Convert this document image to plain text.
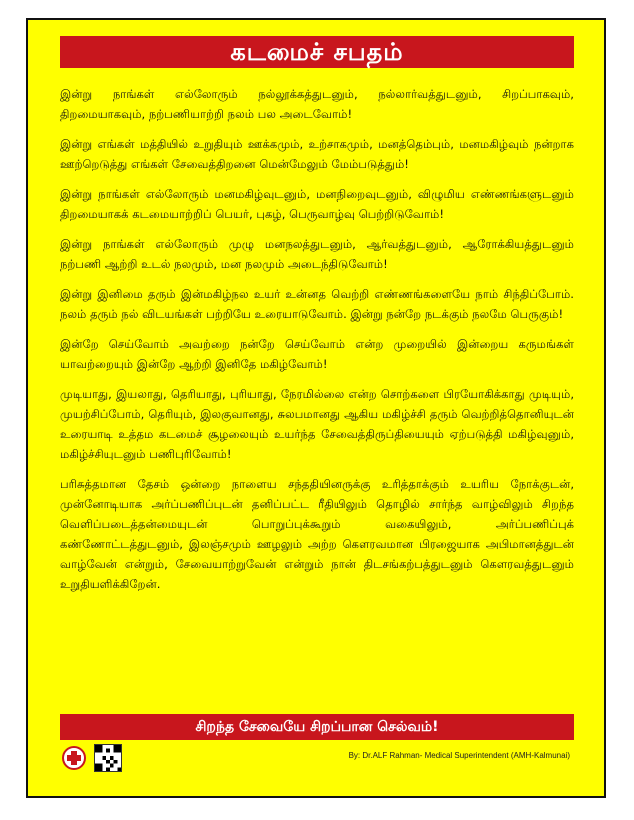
கடமைச் சபதம்

இன்று நாங்கள் எல்லோரும் நல்லூக்கத்துடனும், நல்லார்வத்துடனும், சிறப்பாகவும், திறமையாகவும், நற்பணியாற்றி நலம் பல அடைவோம்!

இன்று எங்கள் மத்தியில் உறுதியும் ஊக்கமும், உற்சாகமும், மனத்தெம்பும், மனமகிழ்வும் நன்றாக ஊற்றெடுத்து எங்கள் சேவைத்திறனை மென்மேலும் மேம்படுத்தும்!

இன்று நாங்கள் எல்லோரும் மனமகிழ்வுடனும், மனநிறைவுடனும், விழுமிய எண்ணங்களுடனும் திறமையாகக் கடமையாற்றிப் பெயர், புகழ், பெருவாழ்வு பெற்றிடுவோம்!

இன்று நாங்கள் எல்லோரும் முழு மனநலத்துடனும், ஆர்வத்துடனும், ஆரோக்கியத்துடனும் நற்பணி ஆற்றி உடல் நலமும், மன நலமும் அடைந்திடுவோம்!

இன்று இனிமை தரும் இன்மகிழ்நல உயர் உன்னத வெற்றி எண்ணங்களையே நாம் சிந்திப்போம். நலம் தரும் நல் விடயங்கள் பற்றியே உரையாடுவோம். இன்று நன்றே நடக்கும் நலமே பெருகும்!

இன்றே செய்வோம் அவற்றை நன்றே செய்வோம் என்ற முறையில் இன்றைய கருமங்கள் யாவற்றையும் இன்றே ஆற்றி இனிதே மகிழ்வோம்!

முடியாது, இயலாது, தெரியாது, புரியாது, நேரமில்லை என்ற சொற்களை பிரயோகிக்காது முடியும், முயற்சிப்போம், தெரியும், இலகுவானது, சுலபமானது ஆகிய மகிழ்ச்சி தரும் வெற்றித்தொனியுடன் உரையாடி உத்தம கடமைச் சூழலையும் உயர்ந்த சேவைத்திருப்தியையும் ஏற்படுத்தி மகிழ்வுனும், மகிழ்ச்சியுடனும் பணிபுரிவோம்!

பரிசுத்தமான தேசம் ஒன்றை நாளைய சந்ததியினருக்கு உரித்தாக்கும் உயரிய நோக்குடன், முன்னோடியாக அர்ப்பணிப்புடன் தனிப்பட்ட ரீதியிலும் தொழில் சார்ந்த வாழ்விலும் சிறந்த வெளிப்படைத்தன்மையுடன் பொறுப்புக்கூறும் வகையிலும், அர்ப்பணிப்புக் கண்ணோட்டத்துடனும், இலஞ்சமும் ஊழலும் அற்ற கௌரவமான பிரஜையாக அபிமானத்துடன் வாழ்வேன் என்றும், சேவையாற்றுவேன் என்றும் நான் திடசங்கற்பத்துடனும் கௌரவத்துடனும் உறுதியளிக்கிறேன்.

சிறந்த சேவையே சிறப்பான செல்வம்!
By: Dr.ALF Rahman- Medical Superintendent (AMH-Kalmunai)
